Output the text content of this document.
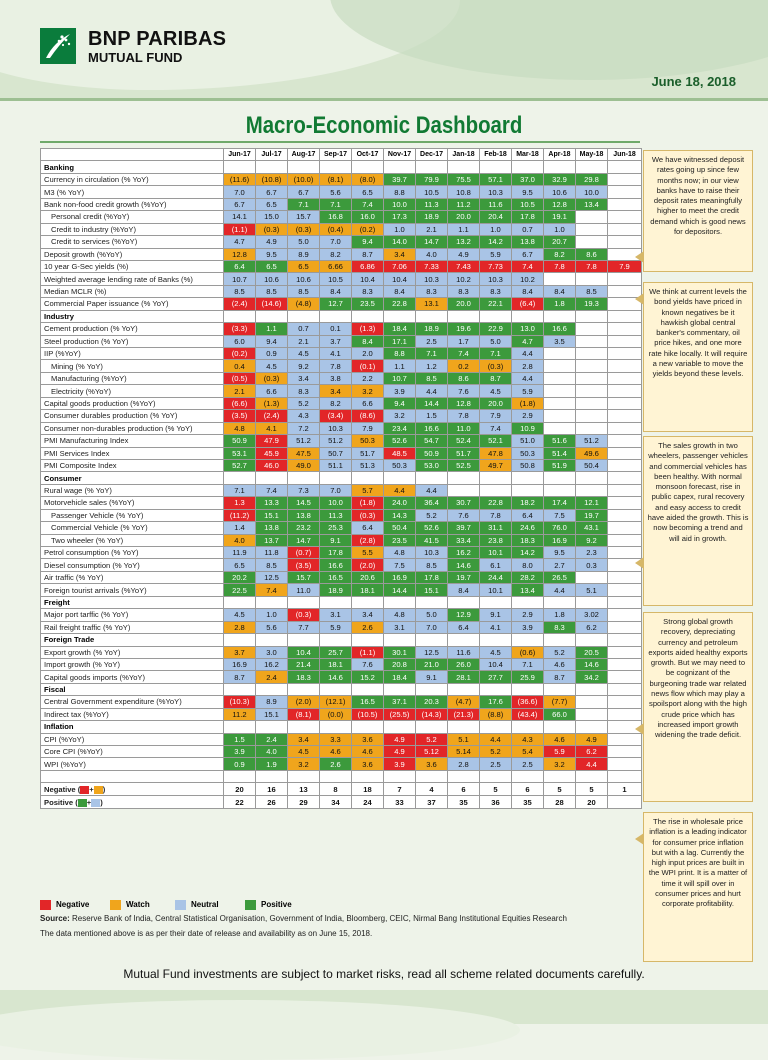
BNP PARIBAS
MUTUAL FUND
June 18, 2018
Macro-Economic Dashboard
	Jun-17	Jul-17	Aug-17	Sep-17	Oct-17	Nov-17	Dec-17	Jan-18	Feb-18	Mar-18	Apr-18	May-18	Jun-18
Banking													
Currency in circulation (% YoY)	(11.6)	(10.8)	(10.0)	(8.1)	(8.0)	39.7	79.9	75.5	57.1	37.0	32.9	29.8	
M3 (% YoY)	7.0	6.7	6.7	5.6	6.5	8.8	10.5	10.8	10.3	9.5	10.6	10.0	
Bank non-food credit growth (%YoY)	6.7	6.5	7.1	7.1	7.4	10.0	11.3	11.2	11.6	10.5	12.8	13.4	
Personal credit (%YoY)	14.1	15.0	15.7	16.8	16.0	17.3	18.9	20.0	20.4	17.8	19.1		
Credit to industry (%YoY)	(1.1)	(0.3)	(0.3)	(0.4)	(0.2)	1.0	2.1	1.1	1.0	0.7	1.0		
Credit to services (%YoY)	4.7	4.9	5.0	7.0	9.4	14.0	14.7	13.2	14.2	13.8	20.7		
Deposit growth (%YoY)	12.8	9.5	8.9	8.2	8.7	3.4	4.0	4.9	5.9	6.7	8.2	8.6	
10 year G-Sec yields (%)	6.4	6.5	6.5	6.66	6.86	7.06	7.33	7.43	7.73	7.4	7.8	7.8	7.9
Weighted average lending rate of Banks (%)	10.7	10.6	10.6	10.5	10.4	10.4	10.3	10.2	10.3	10.2			
Median MCLR (%)	8.5	8.5	8.5	8.4	8.3	8.4	8.3	8.3	8.3	8.4	8.4	8.5	
Commercial Paper issuance (% YoY)	(2.4)	(14.6)	(4.8)	12.7	23.5	22.8	13.1	20.0	22.1	(6.4)	1.8	19.3	
Industry													
Cement production (% YoY)	(3.3)	1.1	0.7	0.1	(1.3)	18.4	18.9	19.6	22.9	13.0	16.6		
Steel production (% YoY)	6.0	9.4	2.1	3.7	8.4	17.1	2.5	1.7	5.0	4.7	3.5		
IIP (%YoY)	(0.2)	0.9	4.5	4.1	2.0	8.8	7.1	7.4	7.1	4.4			
Mining (% YoY)	0.4	4.5	9.2	7.8	(0.1)	1.1	1.2	0.2	(0.3)	2.8			
Manufacturing (%YoY)	(0.5)	(0.3)	3.4	3.8	2.2	10.7	8.5	8.6	8.7	4.4			
Electricity (%YoY)	2.1	6.6	8.3	3.4	3.2	3.9	4.4	7.6	4.5	5.9			
Capital goods production (%YoY)	(6.6)	(1.3)	5.2	8.2	6.6	9.4	14.4	12.8	20.0	(1.8)			
Consumer durables production (% YoY)	(3.5)	(2.4)	4.3	(3.4)	(8.6)	3.2	1.5	7.8	7.9	2.9			
Consumer non-durables production (% YoY)	4.8	4.1	7.2	10.3	7.9	23.4	16.6	11.0	7.4	10.9			
PMI Manufacturing Index	50.9	47.9	51.2	51.2	50.3	52.6	54.7	52.4	52.1	51.0	51.6	51.2	
PMI Services Index	53.1	45.9	47.5	50.7	51.7	48.5	50.9	51.7	47.8	50.3	51.4	49.6	
PMI Composite Index	52.7	46.0	49.0	51.1	51.3	50.3	53.0	52.5	49.7	50.8	51.9	50.4	
Consumer													
Rural wage (% YoY)	7.1	7.4	7.3	7.0	5.7	4.4	4.4						
Motorvehicle sales (%YoY)	1.3	13.3	14.5	10.0	(1.8)	24.0	36.4	30.7	22.8	18.2	17.4	12.1	
Passenger Vehicle (% YoY)	(11.2)	15.1	13.8	11.3	(0.3)	14.3	5.2	7.6	7.8	6.4	7.5	19.7	
Commercial Vehicle (% YoY)	1.4	13.8	23.2	25.3	6.4	50.4	52.6	39.7	31.1	24.6	76.0	43.1	
Two wheeler (% YoY)	4.0	13.7	14.7	9.1	(2.8)	23.5	41.5	33.4	23.8	18.3	16.9	9.2	
Petrol consumption (% YoY)	11.9	11.8	(0.7)	17.8	5.5	4.8	10.3	16.2	10.1	14.2	9.5	2.3	
Diesel consumption (% YoY)	6.5	8.5	(3.5)	16.6	(2.0)	7.5	8.5	14.6	6.1	8.0	2.7	0.3	
Air traffic (% YoY)	20.2	12.5	15.7	16.5	20.6	16.9	17.8	19.7	24.4	28.2	26.5		
Foreign tourist arrivals (%YoY)	22.5	7.4	11.0	18.9	18.1	14.4	15.1	8.4	10.1	13.4	4.4	5.1	
Freight													
Major port tarffic (% YoY)	4.5	1.0	(0.3)	3.1	3.4	4.8	5.0	12.9	9.1	2.9	1.8	3.02	
Rail freight traffic (% YoY)	2.8	5.6	7.7	5.9	2.6	3.1	7.0	6.4	4.1	3.9	8.3	6.2	
Foreign Trade													
Export growth (% YoY)	3.7	3.0	10.4	25.7	(1.1)	30.1	12.5	11.6	4.5	(0.6)	5.2	20.5	
Import growth (% YoY)	16.9	16.2	21.4	18.1	7.6	20.8	21.0	26.0	10.4	7.1	4.6	14.6	
Capital goods imports (%YoY)	8.7	2.4	18.3	14.6	15.2	18.4	9.1	28.1	27.7	25.9	8.7	34.2	
Fiscal													
Central Government expenditure (%YoY)	(10.3)	8.9	(2.0)	(12.1)	16.5	37.1	20.3	(4.7)	17.6	(36.6)	(7.7)		
Indirect tax (%YoY)	11.2	15.1	(8.1)	(0.0)	(10.5)	(25.5)	(14.3)	(21.3)	(8.8)	(43.4)	66.0		
Inflation													
CPI (%YoY)	1.5	2.4	3.4	3.3	3.6	4.9	5.2	5.1	4.4	4.3	4.6	4.9	
Core CPI (%YoY)	3.9	4.0	4.5	4.6	4.6	4.9	5.12	5.14	5.2	5.4	5.9	6.2	
WPI (%YoY)	0.9	1.9	3.2	2.6	3.6	3.9	3.6	2.8	2.5	2.5	3.2	4.4	

Negative ( + )	20	16	13	8	18	7	4	6	5	6	5	5	1
Positive ( + )	22	26	29	34	24	33	37	35	36	35	28	20	
Negative	Watch	Neutral	Positive
Source: Reserve Bank of India, Central Statistical Organisation, Government of India, Bloomberg, CEIC, Nirmal Bang Institutional Equities Research
The data mentioned above is as per their date of release and availability as on June 15, 2018.
Mutual Fund investments are subject to market risks, read all scheme related documents carefully.
We have witnessed deposit rates going up since few months now; in our view banks have to raise their deposit rates meaningfully higher to meet the credit demand which is good news for depositors.
We think at current levels the bond yields have priced in known negatives be it hawkish global central banker's commentary, oil price hikes, and one more rate hike locally. It will require a new variable to move the yields beyond these levels.
The sales growth in two wheelers, passenger vehicles and commercial vehicles has been healthy. With normal monsoon forecast, rise in public capex, rural recovery and easy access to credit have aided the growth. This is now becoming a trend and will aid in growth.
Strong global growth recovery, depreciating currency and petroleum exports aided healthy exports growth. But we may need to be cognizant of the burgeoning trade war related news flow which may play a spoilsport along with the high crude price which has increased import growth widening the trade deficit.
The rise in wholesale price inflation is a leading indicator for consumer price inflation but with a lag. Currently the high input prices are built in the WPI print. It is a matter of time it will spill over in consumer prices and hurt corporate profitability.
